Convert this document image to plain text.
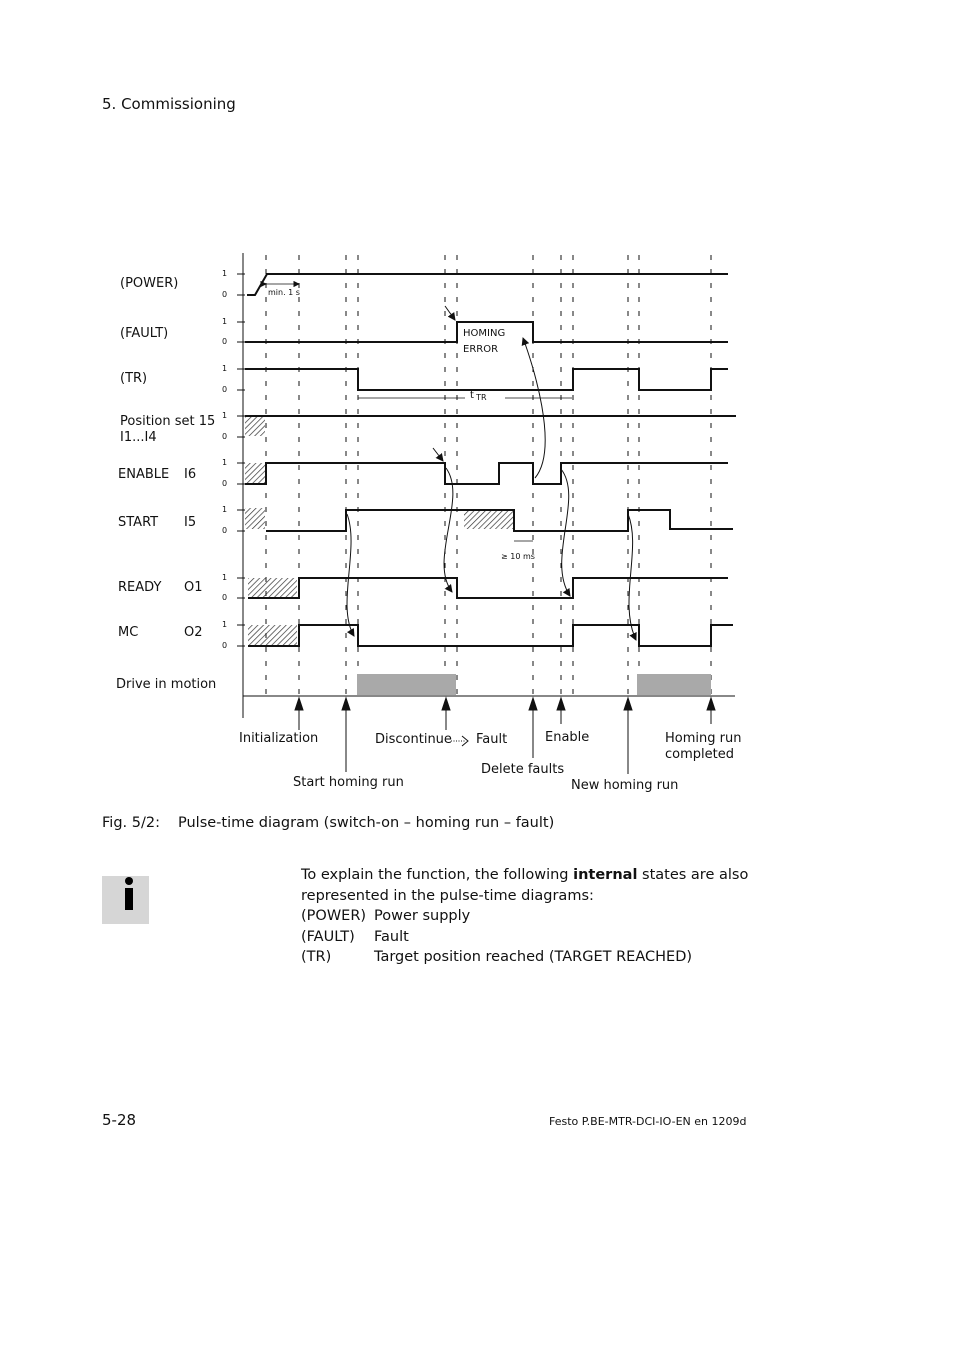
5. Commissioning
(POWER)
(FAULT)
(TR)
Position set 15
I1...I4
ENABLE I6
START I5
READY O1
MC	O2
Drive in motion
1
0
1
0
1
0
1
0
1
0
1
0
1
0
1
0
min. 1 s
HOMING
ERROR
t $_{TR}$
≥ 10 ms
Initialization
Start homing run
Discontinue Fault
Delete faults
Enable
New homing run
Homing run
completed
Fig. 5/2: Pulse-time diagram (switch-on – homing run – fault)
To explain the function, the following internal states are also
represented in the pulse-time diagrams:
(POWER) Power supply
(FAULT) Fault
(TR)	Target position reached (TARGET REACHED)
5-28	Festo P.BE-MTR-DCI-IO-EN en 1209d
